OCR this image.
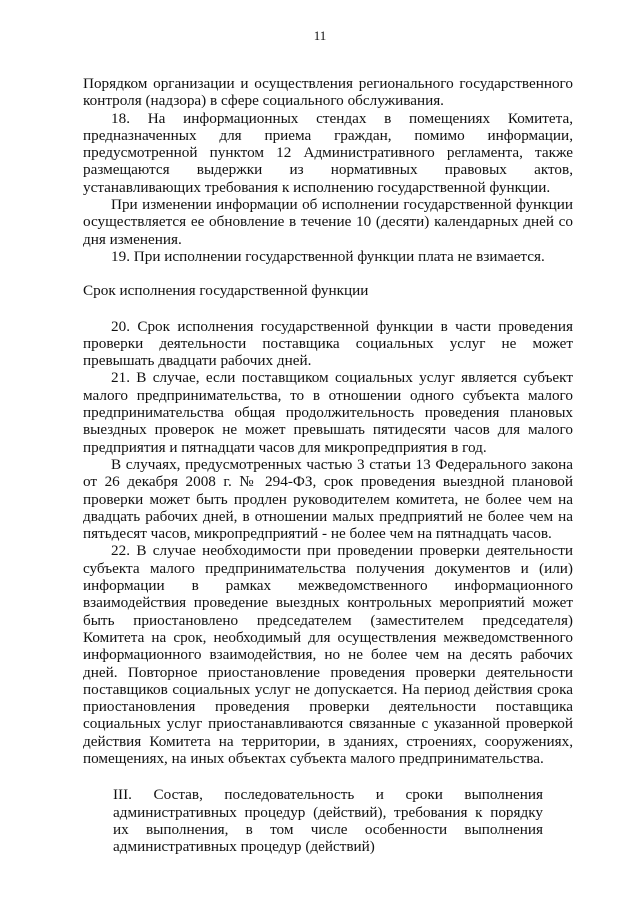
11

Порядком организации и осуществления регионального государственного контроля (надзора) в сфере социального обслуживания.

18. На информационных стендах в помещениях Комитета, предназначенных для приема граждан, помимо информации, предусмотренной пунктом 12 Административного регламента, также размещаются выдержки из нормативных правовых актов, устанавливающих требования к исполнению государственной функции.

При изменении информации об исполнении государственной функции осуществляется ее обновление в течение 10 (десяти) календарных дней со дня изменения.

19. При исполнении государственной функции плата не взимается.

Срок исполнения государственной функции

20. Срок исполнения государственной функции в части проведения проверки деятельности поставщика социальных услуг не может превышать двадцати рабочих дней.

21. В случае, если поставщиком социальных услуг является субъект малого предпринимательства, то в отношении одного субъекта малого предпринимательства общая продолжительность проведения плановых выездных проверок не может превышать пятидесяти часов для малого предприятия и пятнадцати часов для микропредприятия в год.

В случаях, предусмотренных частью 3 статьи 13 Федерального закона от 26 декабря 2008 г. № 294-ФЗ, срок проведения выездной плановой проверки может быть продлен руководителем комитета, не более чем на двадцать рабочих дней, в отношении малых предприятий не более чем на пятьдесят часов, микропредприятий - не более чем на пятнадцать часов.

22. В случае необходимости при проведении проверки деятельности субъекта малого предпринимательства получения документов и (или) информации в рамках межведомственного информационного взаимодействия проведение выездных контрольных мероприятий может быть приостановлено председателем (заместителем председателя) Комитета на срок, необходимый для осуществления межведомственного информационного взаимодействия, но не более чем на десять рабочих дней. Повторное приостановление проведения проверки деятельности поставщиков социальных услуг не допускается. На период действия срока приостановления проведения проверки деятельности поставщика социальных услуг приостанавливаются связанные с указанной проверкой действия Комитета на территории, в зданиях, строениях, сооружениях, помещениях, на иных объектах субъекта малого предпринимательства.

III. Состав, последовательность и сроки выполнения административных процедур (действий), требования к порядку их выполнения, в том числе особенности выполнения административных процедур (действий)
